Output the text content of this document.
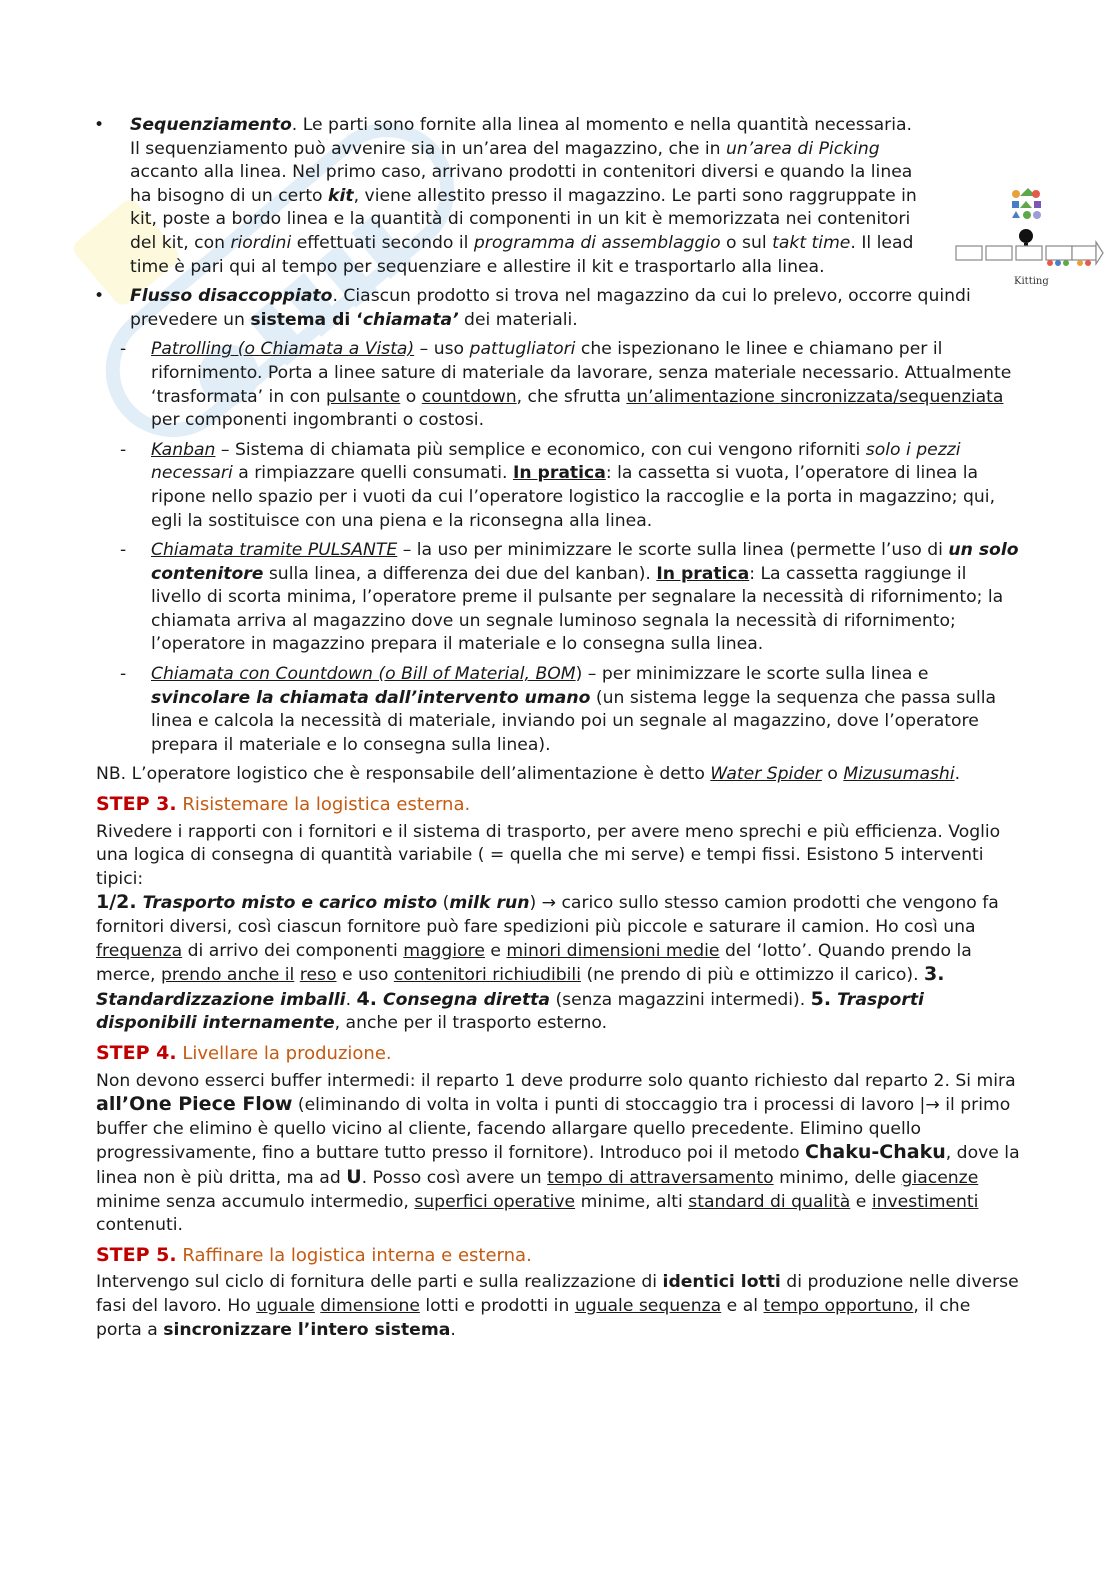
Kitting
• Sequenziamento. Le parti sono fornite alla linea al momento e nella quantità necessaria. Il sequenziamento può avvenire sia in un’area del magazzino, che in un’area di Picking accanto alla linea. Nel primo caso, arrivano prodotti in contenitori diversi e quando la linea ha bisogno di un certo kit, viene allestito presso il magazzino. Le parti sono raggruppate in kit, poste a bordo linea e la quantità di componenti in un kit è memorizzata nei contenitori del kit, con riordini effettuati secondo il programma di assemblaggio o sul takt time. Il lead time è pari qui al tempo per sequenziare e allestire il kit e trasportarlo alla linea.

• Flusso disaccoppiato. Ciascun prodotto si trova nel magazzino da cui lo prelevo, occorre quindi prevedere un sistema di ‘chiamata’ dei materiali.

- Patrolling (o Chiamata a Vista) – uso pattugliatori che ispezionano le linee e chiamano per il rifornimento. Porta a linee sature di materiale da lavorare, senza materiale necessario. Attualmente ‘trasformata’ in con pulsante o countdown, che sfrutta un’alimentazione sincronizzata/sequenziata per componenti ingombranti o costosi.

- Kanban – Sistema di chiamata più semplice e economico, con cui vengono riforniti solo i pezzi necessari a rimpiazzare quelli consumati. In pratica: la cassetta si vuota, l’operatore di linea la ripone nello spazio per i vuoti da cui l’operatore logistico la raccoglie e la porta in magazzino; qui, egli la sostituisce con una piena e la riconsegna alla linea.

- Chiamata tramite PULSANTE – la uso per minimizzare le scorte sulla linea (permette l’uso di un solo contenitore sulla linea, a differenza dei due del kanban). In pratica: La cassetta raggiunge il livello di scorta minima, l’operatore preme il pulsante per segnalare la necessità di rifornimento; la chiamata arriva al magazzino dove un segnale luminoso segnala la necessità di rifornimento; l’operatore in magazzino prepara il materiale e lo consegna sulla linea.

- Chiamata con Countdown (o Bill of Material, BOM) – per minimizzare le scorte sulla linea e svincolare la chiamata dall’intervento umano (un sistema legge la sequenza che passa sulla linea e calcola la necessità di materiale, inviando poi un segnale al magazzino, dove l’operatore prepara il materiale e lo consegna sulla linea).

NB. L’operatore logistico che è responsabile dell’alimentazione è detto Water Spider o Mizusumashi.

STEP 3. Risistemare la logistica esterna.

Rivedere i rapporti con i fornitori e il sistema di trasporto, per avere meno sprechi e più efficienza. Voglio una logica di consegna di quantità variabile ( = quella che mi serve) e tempi fissi. Esistono 5 interventi tipici:

1/2. Trasporto misto e carico misto (milk run) → carico sullo stesso camion prodotti che vengono fa fornitori diversi, così ciascun fornitore può fare spedizioni più piccole e saturare il camion. Ho così una frequenza di arrivo dei componenti maggiore e minori dimensioni medie del ‘lotto’. Quando prendo la merce, prendo anche il reso e uso contenitori richiudibili (ne prendo di più e ottimizzo il carico). 3. Standardizzazione imballi. 4. Consegna diretta (senza magazzini intermedi). 5. Trasporti disponibili internamente, anche per il trasporto esterno.

STEP 4. Livellare la produzione.

Non devono esserci buffer intermedi: il reparto 1 deve produrre solo quanto richiesto dal reparto 2. Si mira all’One Piece Flow (eliminando di volta in volta i punti di stoccaggio tra i processi di lavoro |→ il primo buffer che elimino è quello vicino al cliente, facendo allargare quello precedente. Elimino quello progressivamente, fino a buttare tutto presso il fornitore). Introduco poi il metodo Chaku-Chaku, dove la linea non è più dritta, ma ad U. Posso così avere un tempo di attraversamento minimo, delle giacenze minime senza accumulo intermedio, superfici operative minime, alti standard di qualità e investimenti contenuti.

STEP 5. Raffinare la logistica interna e esterna.

Intervengo sul ciclo di fornitura delle parti e sulla realizzazione di identici lotti di produzione nelle diverse fasi del lavoro. Ho uguale dimensione lotti e prodotti in uguale sequenza e al tempo opportuno, il che porta a sincronizzare l’intero sistema.
